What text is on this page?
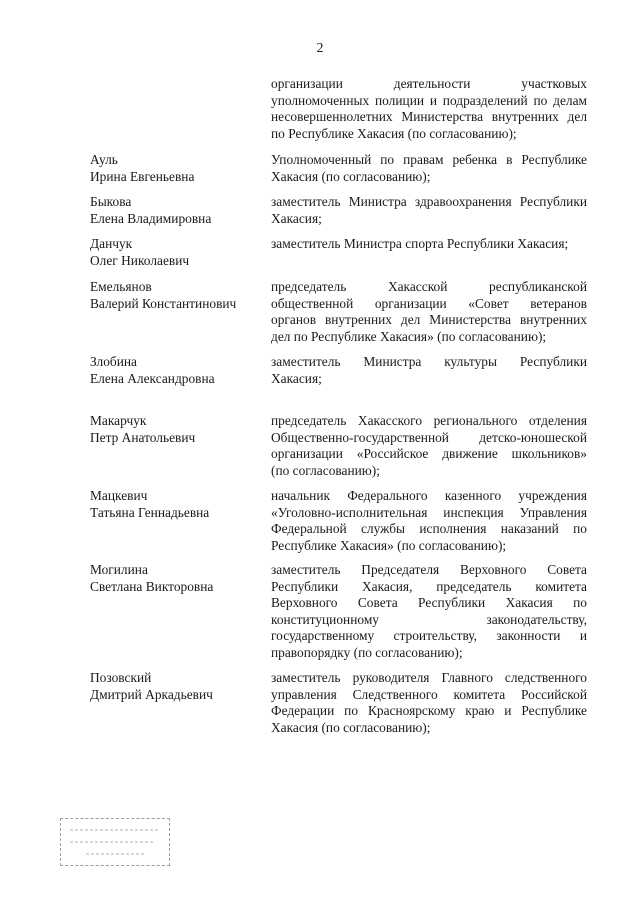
2
организации деятельности участковых
уполномоченных полиции и подразделений по делам
несовершеннолетних Министерства внутренних дел
по Республике Хакасия (по согласованию);
Ауль
Ирина Евгеньевна
Уполномоченный по правам ребенка в Республике
Хакасия (по согласованию);
Быкова
Елена Владимировна
заместитель Министра здравоохранения Республики
Хакасия;
Данчук
Олег Николаевич
заместитель Министра спорта Республики Хакасия;
Емельянов
Валерий Константинович
председатель Хакасской республиканской
общественной организации «Совет ветеранов
органов внутренних дел Министерства внутренних
дел по Республике Хакасия» (по согласованию);
Злобина
Елена Александровна
заместитель Министра культуры Республики
Хакасия;
Макарчук
Петр Анатольевич
председатель Хакасского регионального отделения
Общественно-государственной детско-юношеской
организации «Российское движение школьников»
(по согласованию);
Мацкевич
Татьяна Геннадьевна
начальник Федерального казенного учреждения
«Уголовно-исполнительная инспекция Управления
Федеральной службы исполнения наказаний по
Республике Хакасия» (по согласованию);
Могилина
Светлана Викторовна
заместитель Председателя Верховного Совета
Республики Хакасия, председатель комитета
Верховного Совета Республики Хакасия по
конституционному законодательству,
государственному строительству, законности и
правопорядку (по согласованию);
Позовский
Дмитрий Аркадьевич
заместитель руководителя Главного следственного
управления Следственного комитета Российской
Федерации по Красноярскому краю и Республике
Хакасия (по согласованию);
